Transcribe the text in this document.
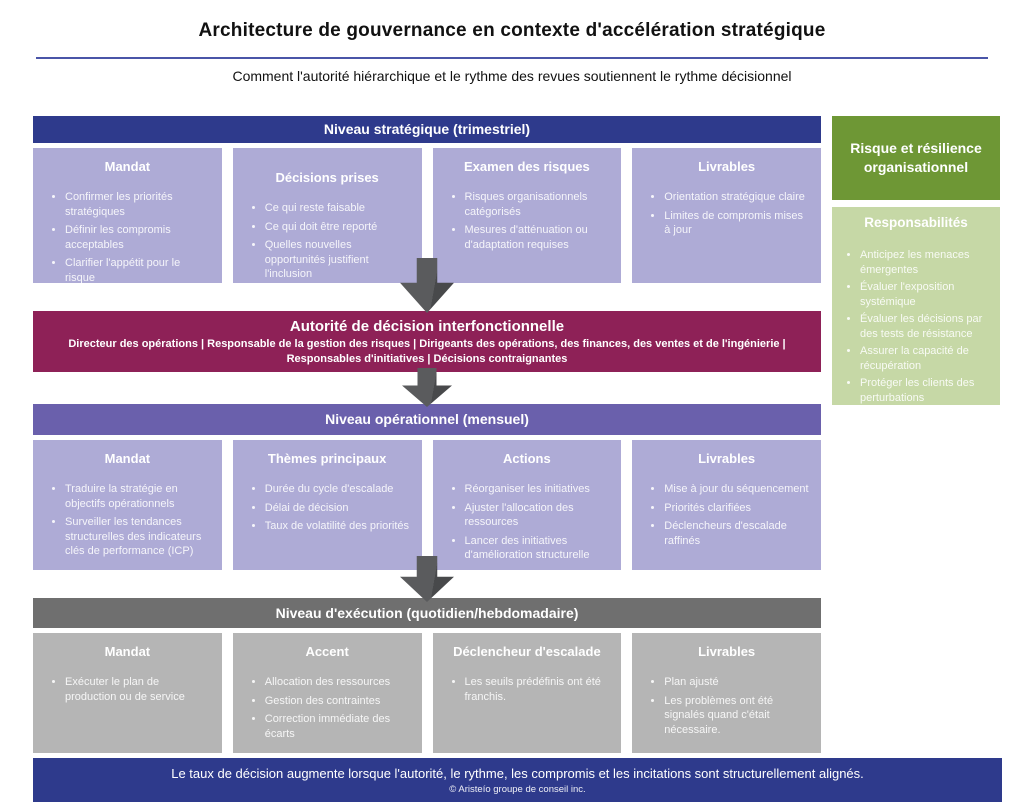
Architecture de gouvernance en contexte d'accélération stratégique
Comment l'autorité hiérarchique et le rythme des revues soutiennent le rythme décisionnel
Niveau stratégique (trimestriel)
Mandat
• Confirmer les priorités stratégiques
• Définir les compromis acceptables
• Clarifier l'appétit pour le risque
Décisions prises
• Ce qui reste faisable
• Ce qui doit être reporté
• Quelles nouvelles opportunités justifient l'inclusion
Examen des risques
• Risques organisationnels catégorisés
• Mesures d'atténuation ou d'adaptation requises
Livrables
• Orientation stratégique claire
• Limites de compromis mises à jour
Autorité de décision interfonctionnelle
Directeur des opérations | Responsable de la gestion des risques | Dirigeants des opérations, des finances, des ventes et de l'ingénierie | Responsables d'initiatives | Décisions contraignantes
Niveau opérationnel (mensuel)
Mandat
• Traduire la stratégie en objectifs opérationnels
• Surveiller les tendances structurelles des indicateurs clés de performance (ICP)
Thèmes principaux
• Durée du cycle d'escalade
• Délai de décision
• Taux de volatilité des priorités
Actions
• Réorganiser les initiatives
• Ajuster l'allocation des ressources
• Lancer des initiatives d'amélioration structurelle
Livrables
• Mise à jour du séquencement
• Priorités clarifiées
• Déclencheurs d'escalade raffinés
Niveau d'exécution (quotidien/hebdomadaire)
Mandat
• Exécuter le plan de production ou de service
Accent
• Allocation des ressources
• Gestion des contraintes
• Correction immédiate des écarts
Déclencheur d'escalade
• Les seuils prédéfinis ont été franchis.
Livrables
• Plan ajusté
• Les problèmes ont été signalés quand c'était nécessaire.
Risque et résilience organisationnel
Responsabilités
• Anticipez les menaces émergentes
• Évaluer l'exposition systémique
• Évaluer les décisions par des tests de résistance
• Assurer la capacité de récupération
• Protéger les clients des perturbations
Le taux de décision augmente lorsque l'autorité, le rythme, les compromis et les incitations sont structurellement alignés.
© Aristeío groupe de conseil inc.
